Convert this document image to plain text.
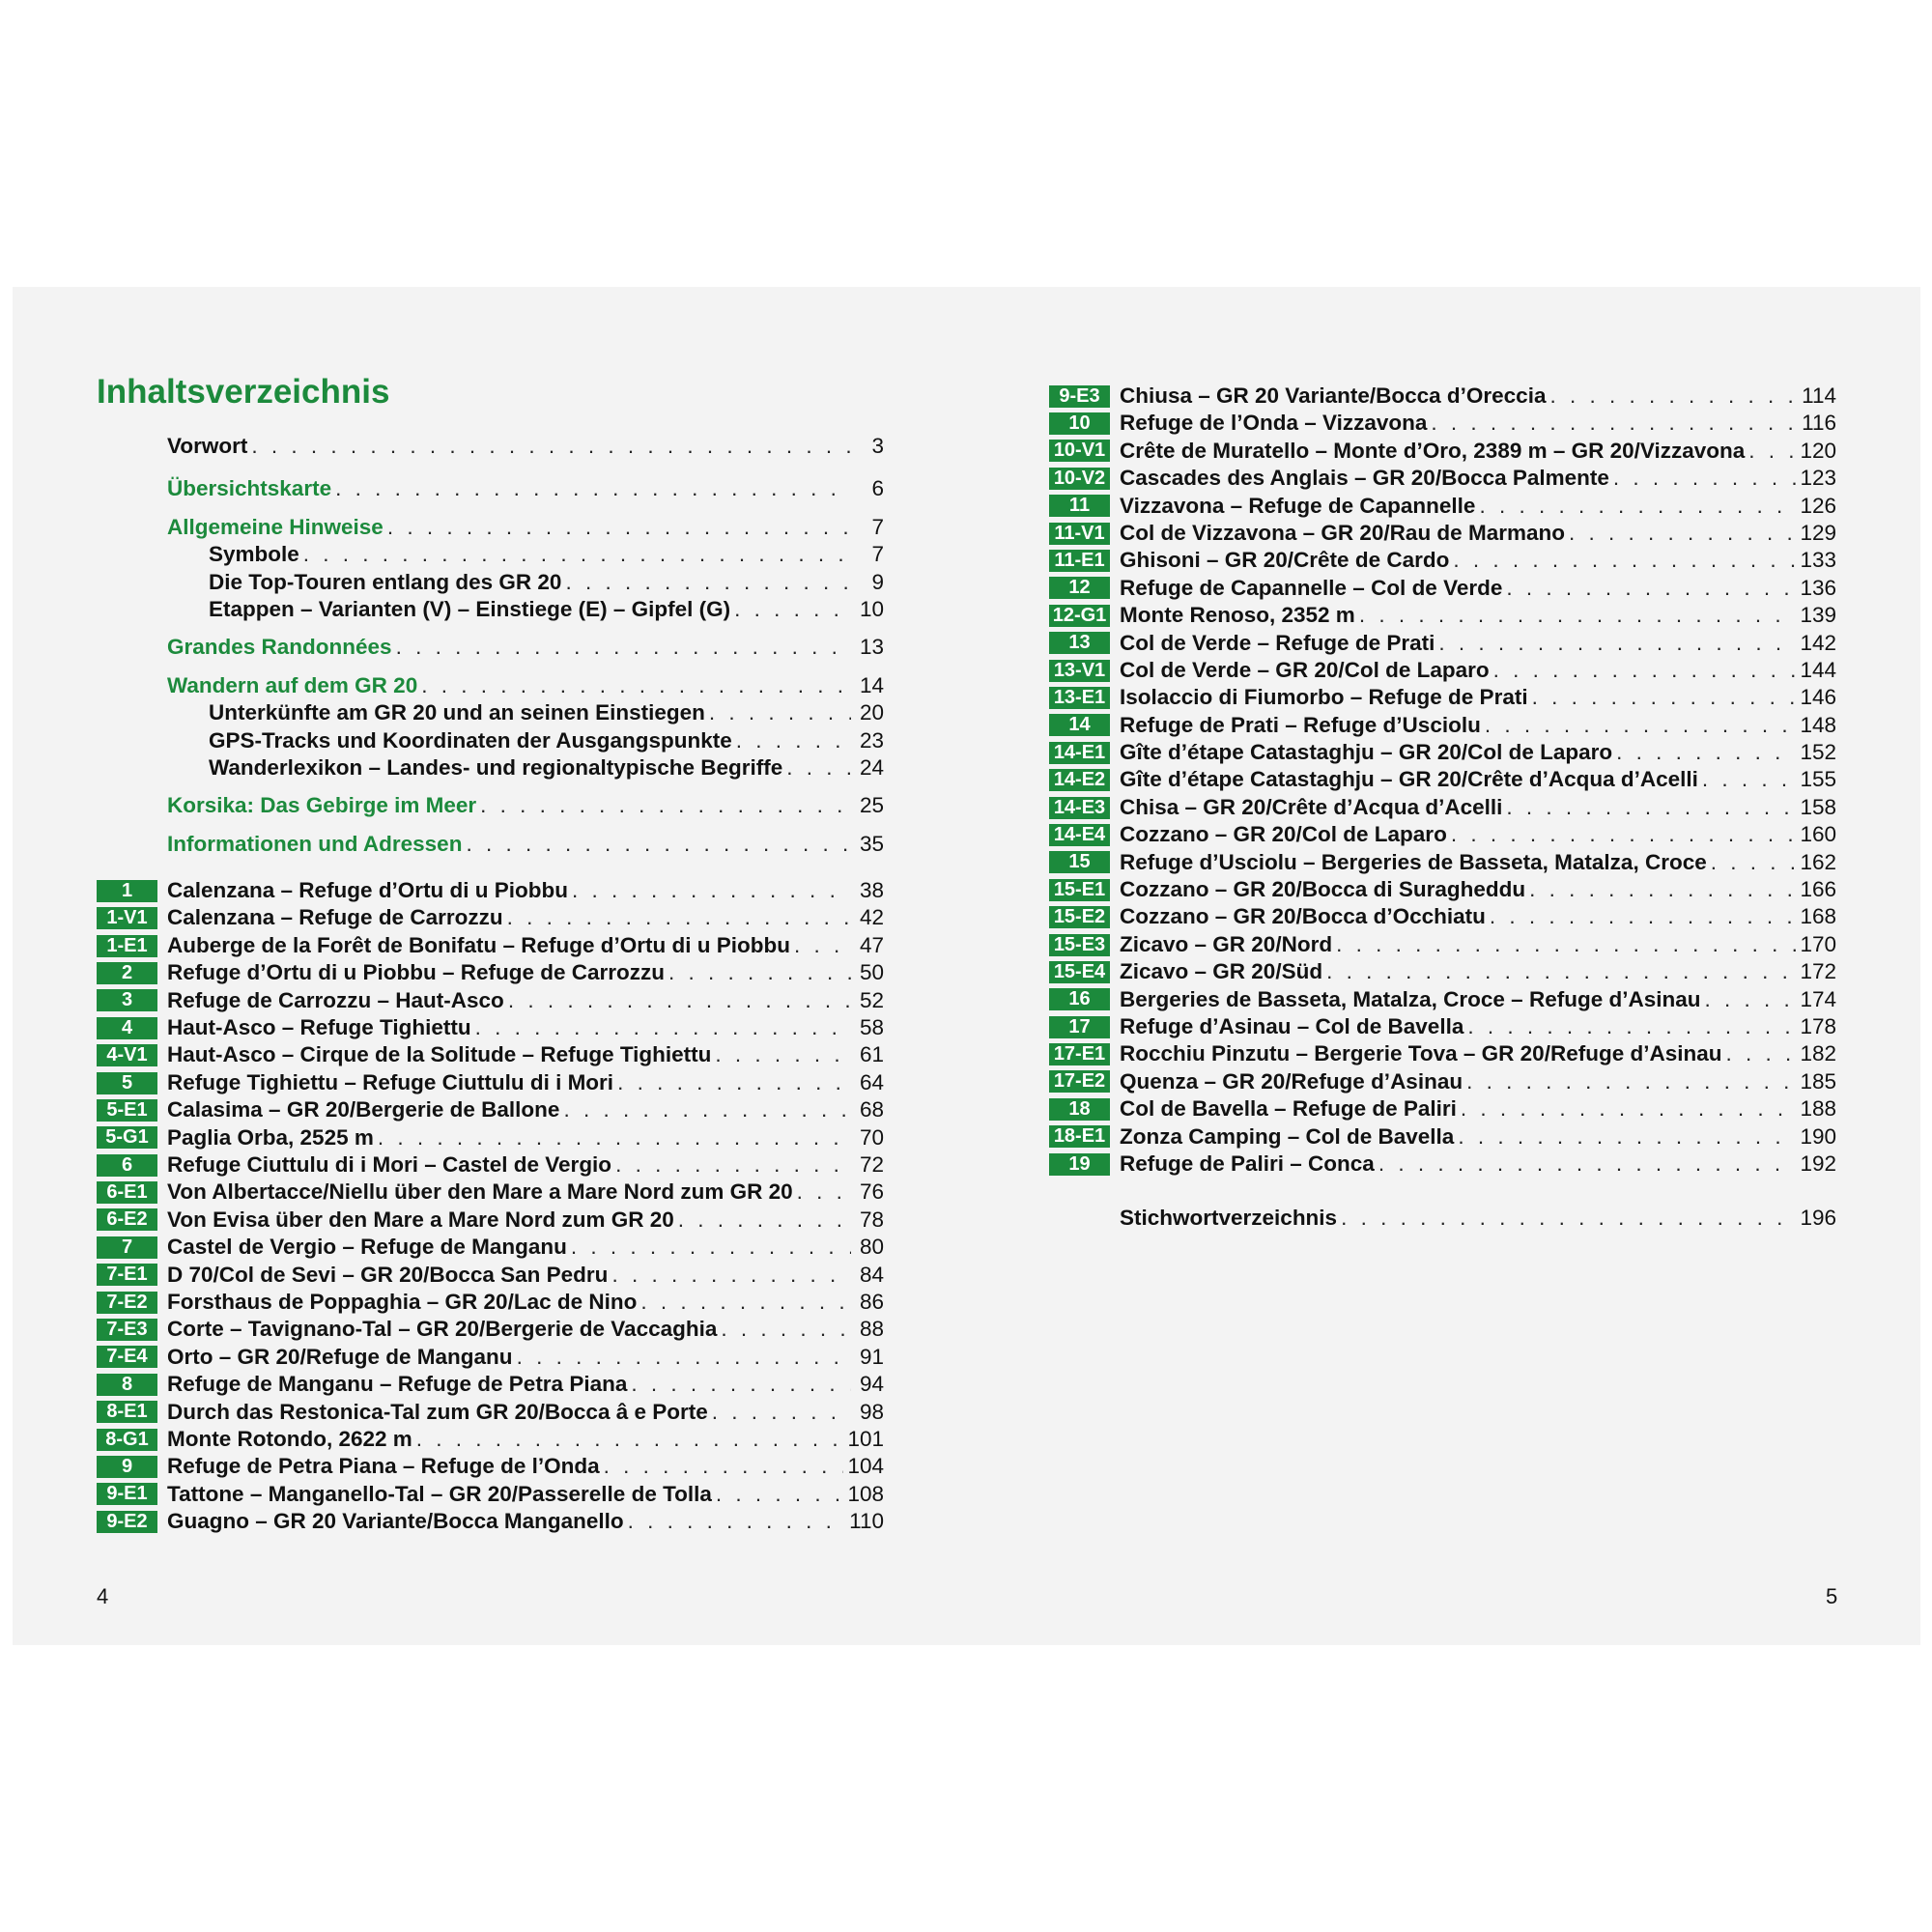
Inhaltsverzeichnis
Vorwort . . .	3
Übersichtskarte . . .	6
Allgemeine Hinweise . . .	7
Symbole . . .	7
Die Top-Touren entlang des GR 20 . . .	9
Etappen – Varianten (V) – Einstiege (E) – Gipfel (G) . . .	10
Grandes Randonnées . . .	13
Wandern auf dem GR 20 . . .	14
Unterkünfte am GR 20 und an seinen Einstiegen . . .	20
GPS-Tracks und Koordinaten der Ausgangspunkte . . .	23
Wanderlexikon – Landes- und regionaltypische Begriffe . . .	24
Korsika: Das Gebirge im Meer . . .	25
Informationen und Adressen . . .	35
1	Calenzana – Refuge d’Ortu di u Piobbu . . .	38
1-V1 Calenzana – Refuge de Carrozzu . . .	42
1-E1 Auberge de la Forêt de Bonifatu – Refuge d’Ortu di u Piobbu . . .	47
2	Refuge d’Ortu di u Piobbu – Refuge de Carrozzu . . .	50
3	Refuge de Carrozzu – Haut-Asco . . .	52
4	Haut-Asco – Refuge Tighiettu . . .	58
4-V1 Haut-Asco – Cirque de la Solitude – Refuge Tighiettu . . .	61
5	Refuge Tighiettu – Refuge Ciuttulu di i Mori . . .	64
5-E1 Calasima – GR 20/Bergerie de Ballone . . .	68
5-G1 Paglia Orba, 2525 m . . .	70
6	Refuge Ciuttulu di i Mori – Castel de Vergio . . .	72
6-E1 Von Albertacce/Niellu über den Mare a Mare Nord zum GR 20 . . .	76
6-E2 Von Evisa über den Mare a Mare Nord zum GR 20 . . .	78
7	Castel de Vergio – Refuge de Manganu . . .	80
7-E1 D 70/Col de Sevi – GR 20/Bocca San Pedru . . .	84
7-E2 Forsthaus de Poppaghia – GR 20/Lac de Nino . . .	86
7-E3 Corte – Tavignano-Tal – GR 20/Bergerie de Vaccaghia . . .	88
7-E4 Orto – GR 20/Refuge de Manganu . . .	91
8	Refuge de Manganu – Refuge de Petra Piana . . .	94
8-E1 Durch das Restonica-Tal zum GR 20/Bocca â e Porte . . .	98
8-G1 Monte Rotondo, 2622 m . . .	101
9	Refuge de Petra Piana – Refuge de l’Onda . . .	104
9-E1 Tattone – Manganello-Tal – GR 20/Passerelle de Tolla . . .	108
9-E2 Guagno – GR 20 Variante/Bocca Manganello . . .	110
9-E3 Chiusa – GR 20 Variante/Bocca d’Oreccia . . .	114
10	Refuge de l’Onda – Vizzavona . . .	116
10-V1 Crête de Muratello – Monte d’Oro, 2389 m – GR 20/Vizzavona . . .	120
10-V2 Cascades des Anglais – GR 20/Bocca Palmente . . .	123
11	Vizzavona – Refuge de Capannelle . . .	126
11-V1 Col de Vizzavona – GR 20/Rau de Marmano . . .	129
11-E1 Ghisoni – GR 20/Crête de Cardo . . .	133
12	Refuge de Capannelle – Col de Verde . . .	136
12-G1 Monte Renoso, 2352 m . . .	139
13	Col de Verde – Refuge de Prati . . .	142
13-V1 Col de Verde – GR 20/Col de Laparo . . .	144
13-E1 Isolaccio di Fiumorbo – Refuge de Prati . . .	146
14	Refuge de Prati – Refuge d’Usciolu . . .	148
14-E1 Gîte d’étape Catastaghju – GR 20/Col de Laparo . . .	152
14-E2 Gîte d’étape Catastaghju – GR 20/Crête d’Acqua d’Acelli . . .	155
14-E3 Chisa – GR 20/Crête d’Acqua d’Acelli . . .	158
14-E4 Cozzano – GR 20/Col de Laparo . . .	160
15	Refuge d’Usciolu – Bergeries de Basseta, Matalza, Croce . . .	162
15-E1 Cozzano – GR 20/Bocca di Suragheddu . . .	166
15-E2 Cozzano – GR 20/Bocca d’Occhiatu . . .	168
15-E3 Zicavo – GR 20/Nord . . .	170
15-E4 Zicavo – GR 20/Süd . . .	172
16	Bergeries de Basseta, Matalza, Croce – Refuge d’Asinau . . .	174
17	Refuge d’Asinau – Col de Bavella . . .	178
17-E1 Rocchiu Pinzutu – Bergerie Tova – GR 20/Refuge d’Asinau . . .	182
17-E2 Quenza – GR 20/Refuge d’Asinau . . .	185
18	Col de Bavella – Refuge de Paliri . . .	188
18-E1 Zonza Camping – Col de Bavella . . .	190
19	Refuge de Paliri – Conca . . .	192
Stichwortverzeichnis . . .	196
4	5
